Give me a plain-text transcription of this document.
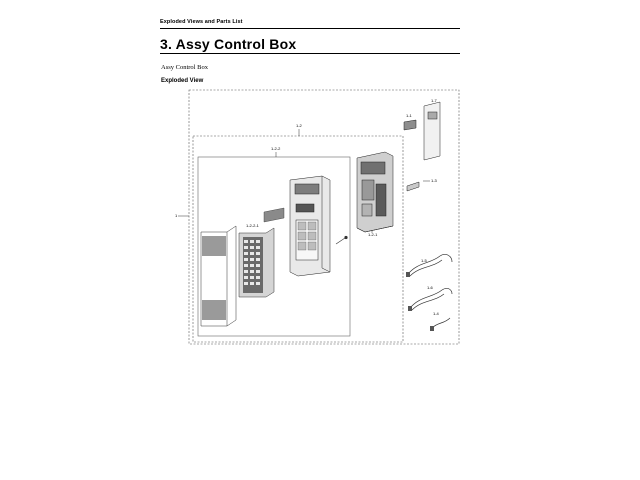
Exploded Views and Parts List
3. Assy Control Box
Assy Control Box
Exploded View
1
1-2
1-2-2
1-2-2-1
1-2-1
1-7
1-1
1-3
1-5
1-6
1-4
